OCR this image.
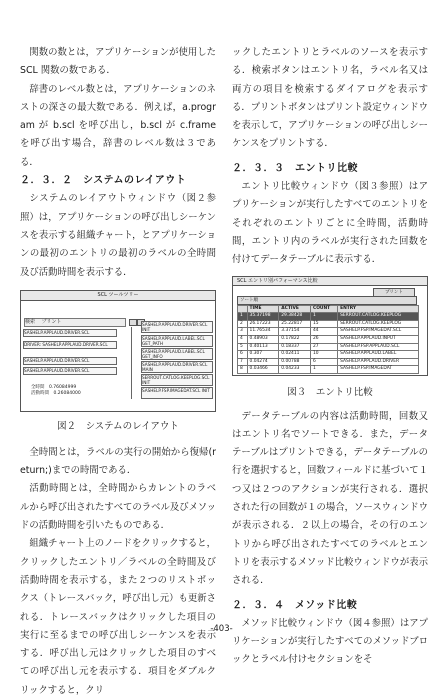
関数の数とは，アプリケーションが使用した SCL 関数の数である．

辞書のレベル数とは，アプリケーションのネストの深さの最大数である．例えば，a.program が b.scl を呼び出し，b.scl が c.frame を呼び出す場合，辞書のレベル数は３である．

２．３．２　システムのレイアウト

システムのレイアウトウィンドウ（図２参照）は，アプリケーションの呼び出しシーケンスを表示する組織チャート，とアプリケーションの最初のエントリの最初のラベルの全時間及び活動時間を表示する．

SCL ツールツリー
検索　 プリント
SASHELP.APPLAUD.DRIVER.SCL
DRIVER: SASHELP.APPLAUD.DRIVER.SCL
SASHELP.APPLAUD.DRIVER.SCL
SASHELP.APPLAUD.DRIVER.SCL
SASHELP.APPLAUD.DRIVER.SCL INIT
SASHELP.APPLAUD.LABEL.SCL GET_PATH
SASHELP.APPLAUD.LABEL.SCL GET_INFO
SASHELP.APPLAUD.DRIVER.SCL MAIN
SERROUT.CATLOG.KEEPLOG.SCL INIT
SASHELP.FSP.IMAGEDAT.SCL INIT
全時間　 0.76084999
活動時間　 0.26084000

図２　システムのレイアウト

全時間とは，ラベルの実行の開始から復帰(return;)までの時間である．

活動時間とは，全時間からカレントのラベルから呼び出されたすべてのラベル及びメソッドの活動時間を引いたものである．

組織チャート上のノードをクリックすると，クリックしたエントリ／ラベルの全時間及び活動時間を表示する，また２つのリストボックス（トレースバック，呼び出し元）も更新される．トレースバックはクリックした項目の実行に至るまでの呼び出しシーケンスを表示する．呼び出し元はクリックした項目のすべての呼び出し元を表示する．項目をダブルクリックすると，クリ

ックしたエントリとラベルのソースを表示する．検索ボタンはエントリ名，ラベル名又は両方の項目を検索するダイアログを表示する．プリントボタンはプリント設定ウィンドウを表示して，アプリケーションの呼び出しシーケンスをプリントする．

２．３．３　エントリ比較

エントリ比較ウィンドウ（図３参照）はアプリケーションが実行したすべてのエントリをそれぞれのエントリごとに全時間，活動時間，エントリ内のラベルが実行された回数を付けてデータテーブルに表示する．

SCL エントリ別パフォーマンス比較
プリント
ソート順
	TIME	ACTIVE	COUNT	ENTRY
1	35.37198	29.38428	1	SERROUT.CATLOG.KEEPLOG
2	26.17223	25.22817	15	SERROUT.CATLOG.KEEPLOG
3	11.76534	3.37154	44	SASHELP.FSP.IMAGEDAT.SCL
4	0.48903	0.17822	26	SASHELP.APPLAUD.INPUT
5	0.40113	0.18337	27	SASHELP.FSP.APPLAUD.SCL
6	0.307	0.02411	10	SASHELP.APPLAUD.LABEL
7	0.04274	0.00788	6	SASHELP.APPLAUD.DRIVER
8	0.03466	0.04233	1	SASHELP.FSP.IMAGEDAT

図３　エントリ比較

データテーブルの内容は活動時間，回数又はエントリ名でソートできる．また，データテーブルはプリントできる，データテーブルの行を選択すると，回数フィールドに基づいて１つ又は２つのアクションが実行される．選択された行の回数が１の場合，ソースウィンドウが表示される．２以上の場合，その行のエントリから呼び出されたすべてのラベルとエントリを表示するメソッド比較ウィンドウが表示される．

２．３．４　メソッド比較

メソッド比較ウィンドウ（図４参照）はアプリケーションが実行したすべてのメソッドブロックとラベル付けセクションをそ

-403-
